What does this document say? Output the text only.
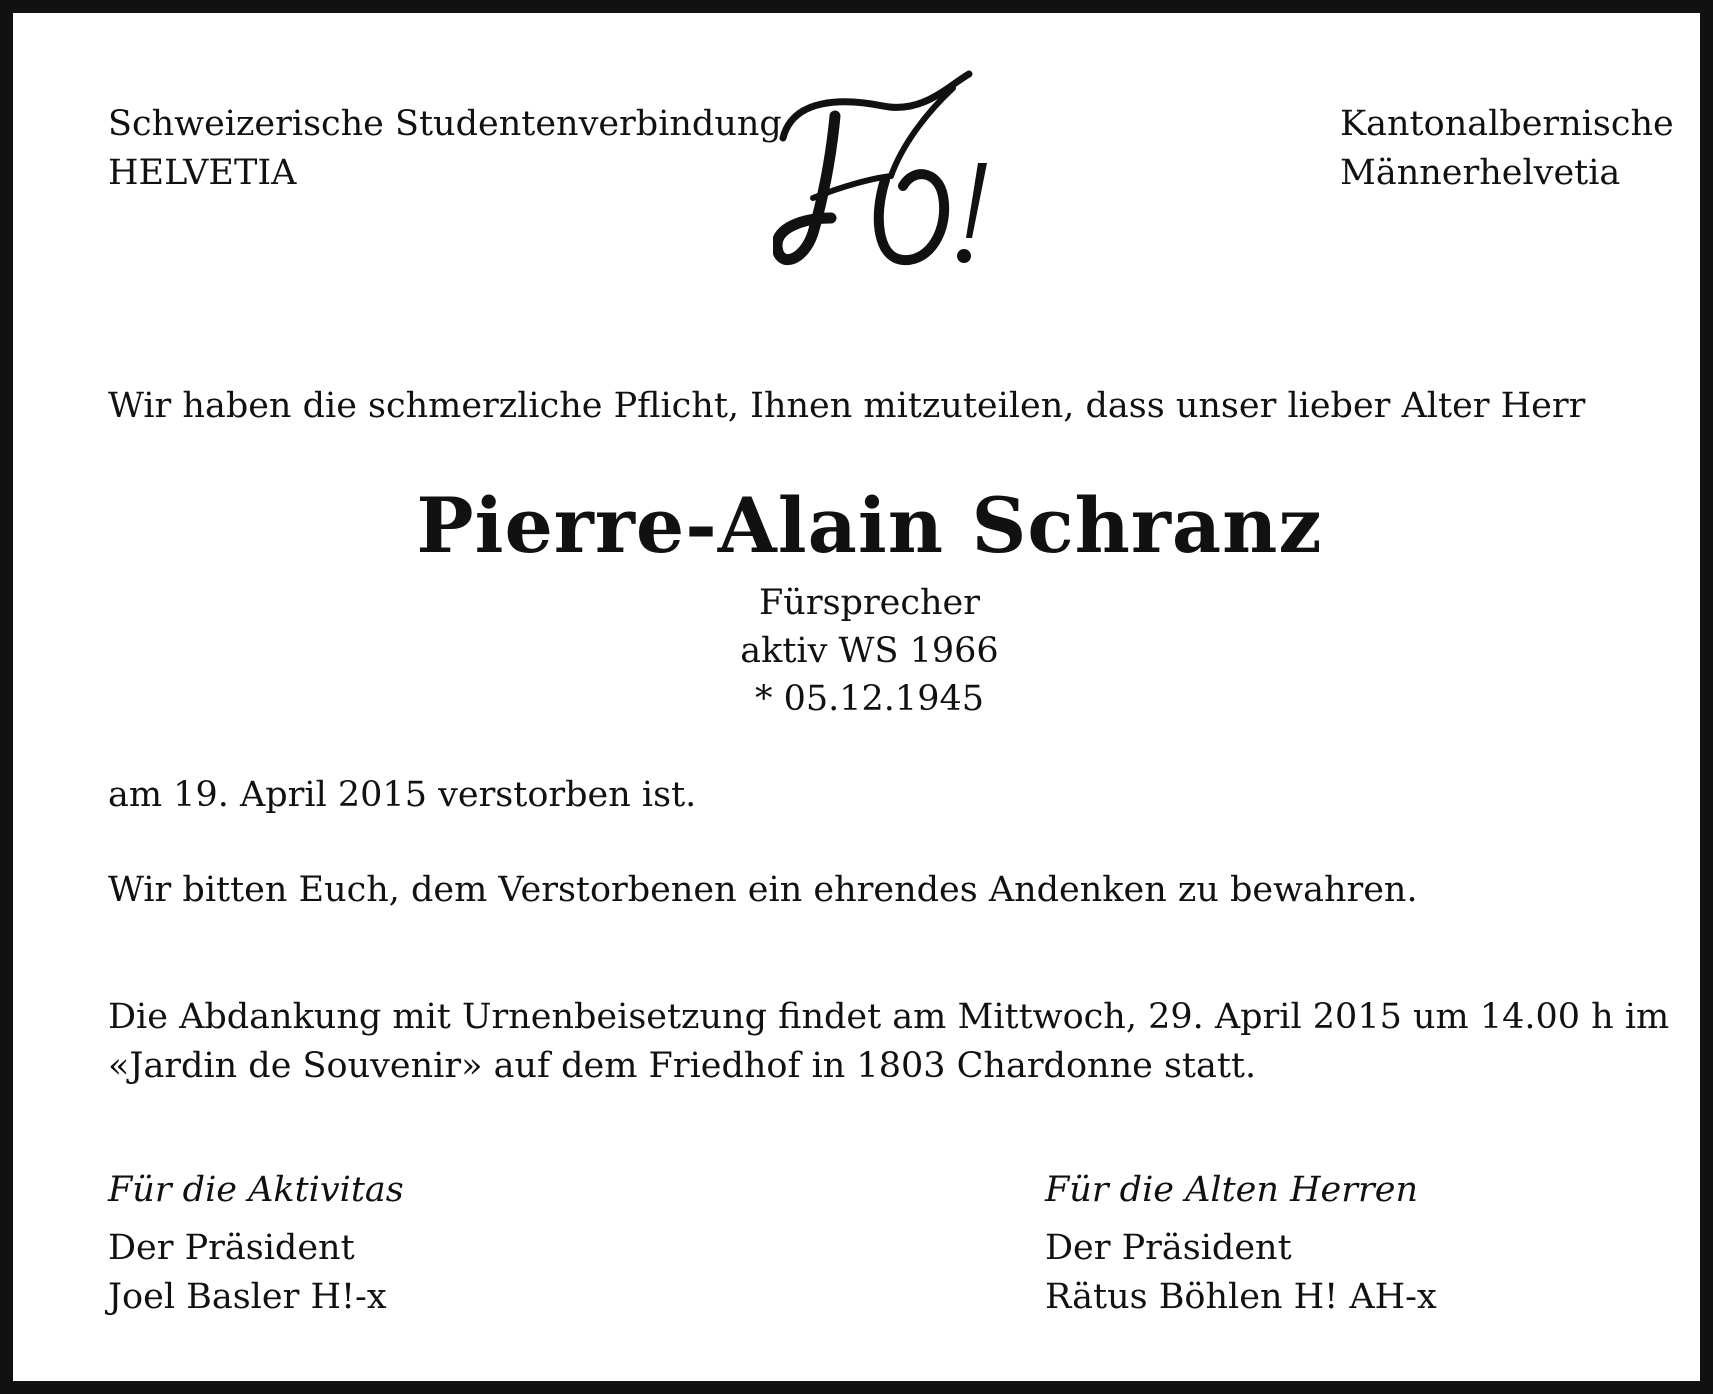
Schweizerische Studentenverbindung
HELVETIA
Kantonalbernische
Männerhelvetia

Wir haben die schmerzliche Pflicht, Ihnen mitzuteilen, dass unser lieber Alter Herr

Pierre-Alain Schranz
Fürsprecher
aktiv WS 1966
* 05.12.1945

am 19. April 2015 verstorben ist.

Wir bitten Euch, dem Verstorbenen ein ehrendes Andenken zu bewahren.

Die Abdankung mit Urnenbeisetzung findet am Mittwoch, 29. April 2015 um 14.00 h im
«Jardin de Souvenir» auf dem Friedhof in 1803 Chardonne statt.
Für die Aktivitas
Der Präsident
Joel Basler H!-x
Für die Alten Herren
Der Präsident
Rätus Böhlen H! AH-x
